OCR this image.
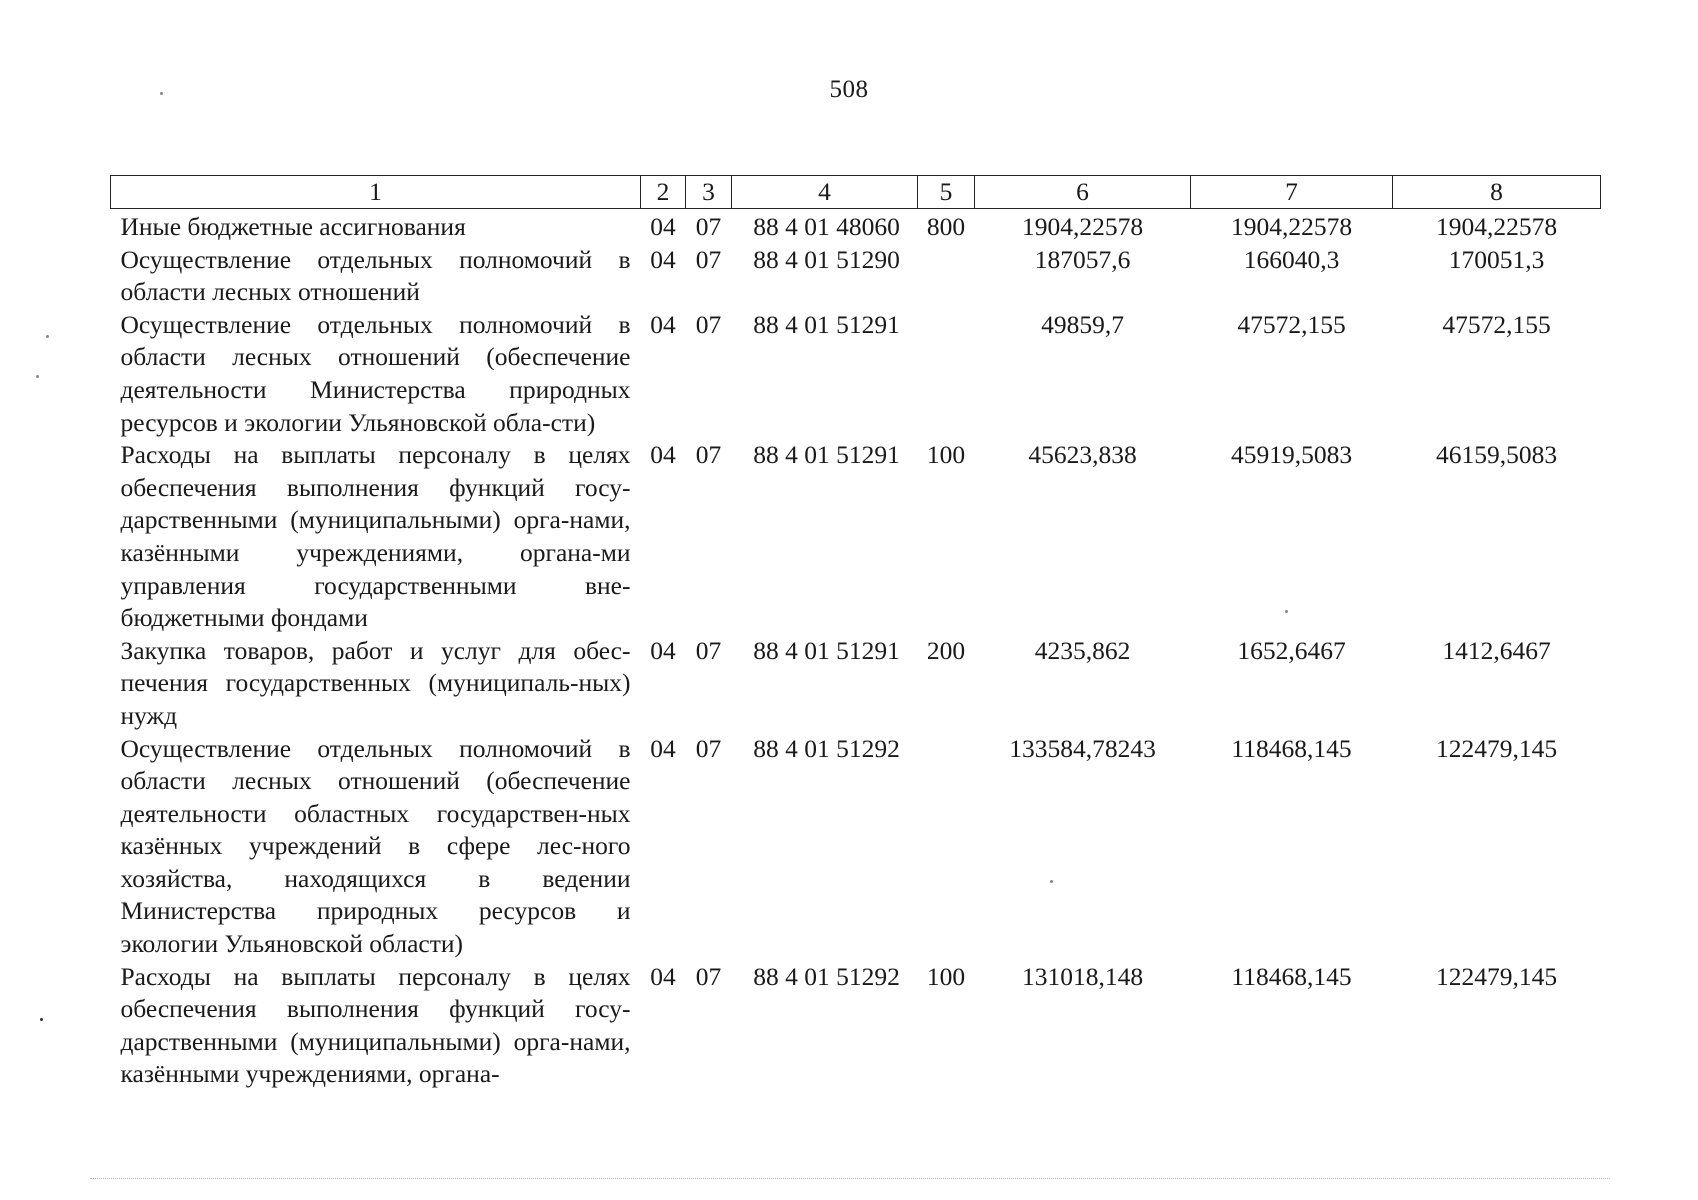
508
1	2	3	4	5	6	7	8
Иные бюджетные ассигнования	04	07	88 4 01 48060	800	1904,22578	1904,22578	1904,22578
Осуществление отдельных полномочий в области лесных отношений	04	07	88 4 01 51290		187057,6	166040,3	170051,3
Осуществление отдельных полномочий в области лесных отношений (обеспечение деятельности Министерства природных ресурсов и экологии Ульяновской обла-сти)	04	07	88 4 01 51291		49859,7	47572,155	47572,155
Расходы на выплаты персоналу в целях обеспечения выполнения функций госу-дарственными (муниципальными) орга-нами, казёнными учреждениями, органа-ми управления государственными вне-бюджетными фондами	04	07	88 4 01 51291	100	45623,838	45919,5083	46159,5083
Закупка товаров, работ и услуг для обес-печения государственных (муниципаль-ных) нужд	04	07	88 4 01 51291	200	4235,862	1652,6467	1412,6467
Осуществление отдельных полномочий в области лесных отношений (обеспечение деятельности областных государствен-ных казённых учреждений в сфере лес-ного хозяйства, находящихся в ведении Министерства природных ресурсов и экологии Ульяновской области)	04	07	88 4 01 51292		133584,78243	118468,145	122479,145
Расходы на выплаты персоналу в целях обеспечения выполнения функций госу-дарственными (муниципальными) орга-нами, казёнными учреждениями, органа-	04	07	88 4 01 51292	100	131018,148	118468,145	122479,145
